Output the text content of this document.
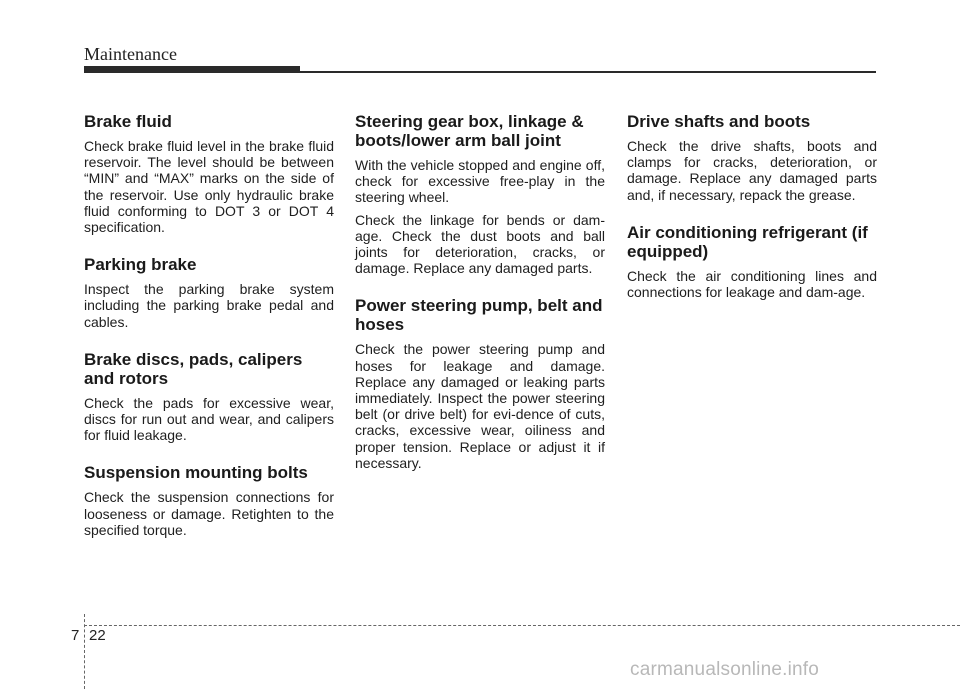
Maintenance
Brake fluid

Check brake fluid level in the brake fluid reservoir. The level should be between “MIN” and “MAX” marks on the side of the reservoir. Use only hydraulic brake fluid conforming to DOT 3 or DOT 4 specification.

Parking brake

Inspect the parking brake system including the parking brake pedal and cables.

Brake discs, pads, calipers and rotors

Check the pads for excessive wear, discs for run out and wear, and calipers for fluid leakage.

Suspension mounting bolts

Check the suspension connections for looseness or damage. Retighten to the specified torque.

Steering gear box, linkage & boots/lower arm ball joint

With the vehicle stopped and engine off, check for excessive free-play in the steering wheel.

Check the linkage for bends or dam-age. Check the dust boots and ball joints for deterioration, cracks, or damage. Replace any damaged parts.

Power steering pump, belt and hoses

Check the power steering pump and hoses for leakage and damage. Replace any damaged or leaking parts immediately. Inspect the power steering belt (or drive belt) for evi-dence of cuts, cracks, excessive wear, oiliness and proper tension. Replace or adjust it if necessary.

Drive shafts and boots

Check the drive shafts, boots and clamps for cracks, deterioration, or damage. Replace any damaged parts and, if necessary, repack the grease.

Air conditioning refrigerant (if equipped)

Check the air conditioning lines and connections for leakage and dam-age.

7 22
carmanualsonline.info
